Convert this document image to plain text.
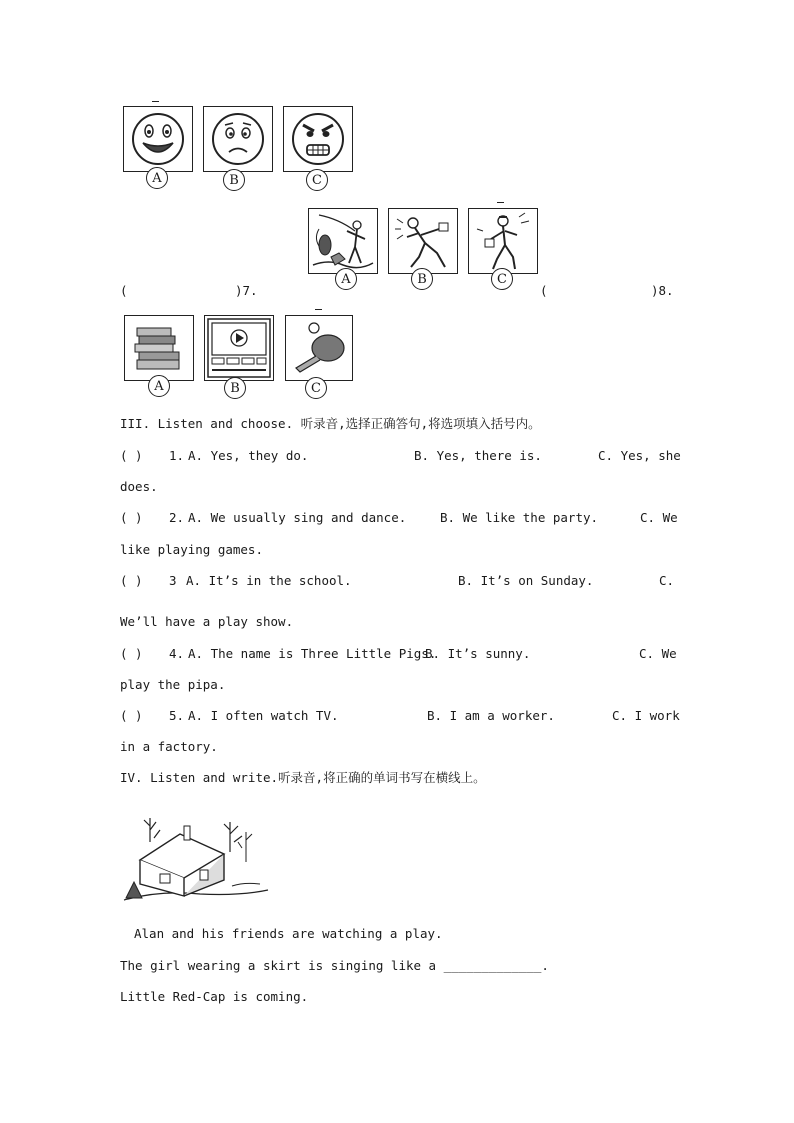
A	B	C
A	B	C
(	)7.	(	)8.
A	B	C
III. Listen and choose. 听录音,选择正确答句,将选项填入括号内。
( ) 1. A. Yes, they do.	B. Yes, there is.	C. Yes, she
does.
( ) 2. A. We usually sing and dance.	B. We like the party.	C. We
like playing games.
( ) 3 A. It’s in the school.	B. It’s on Sunday.	C.
We’ll have a play show.
( ) 4. A. The name is Three Little Pigs.
B. It’s sunny.	C. We
play the pipa.
( ) 5. A. I often watch TV.	B. I am a worker.	C. I work
in a factory.
IV. Listen and write.听录音,将正确的单词书写在横线上。
Alan and his friends are watching a play.
The girl wearing a skirt is singing like a _____________.
Little Red-Cap is coming.
